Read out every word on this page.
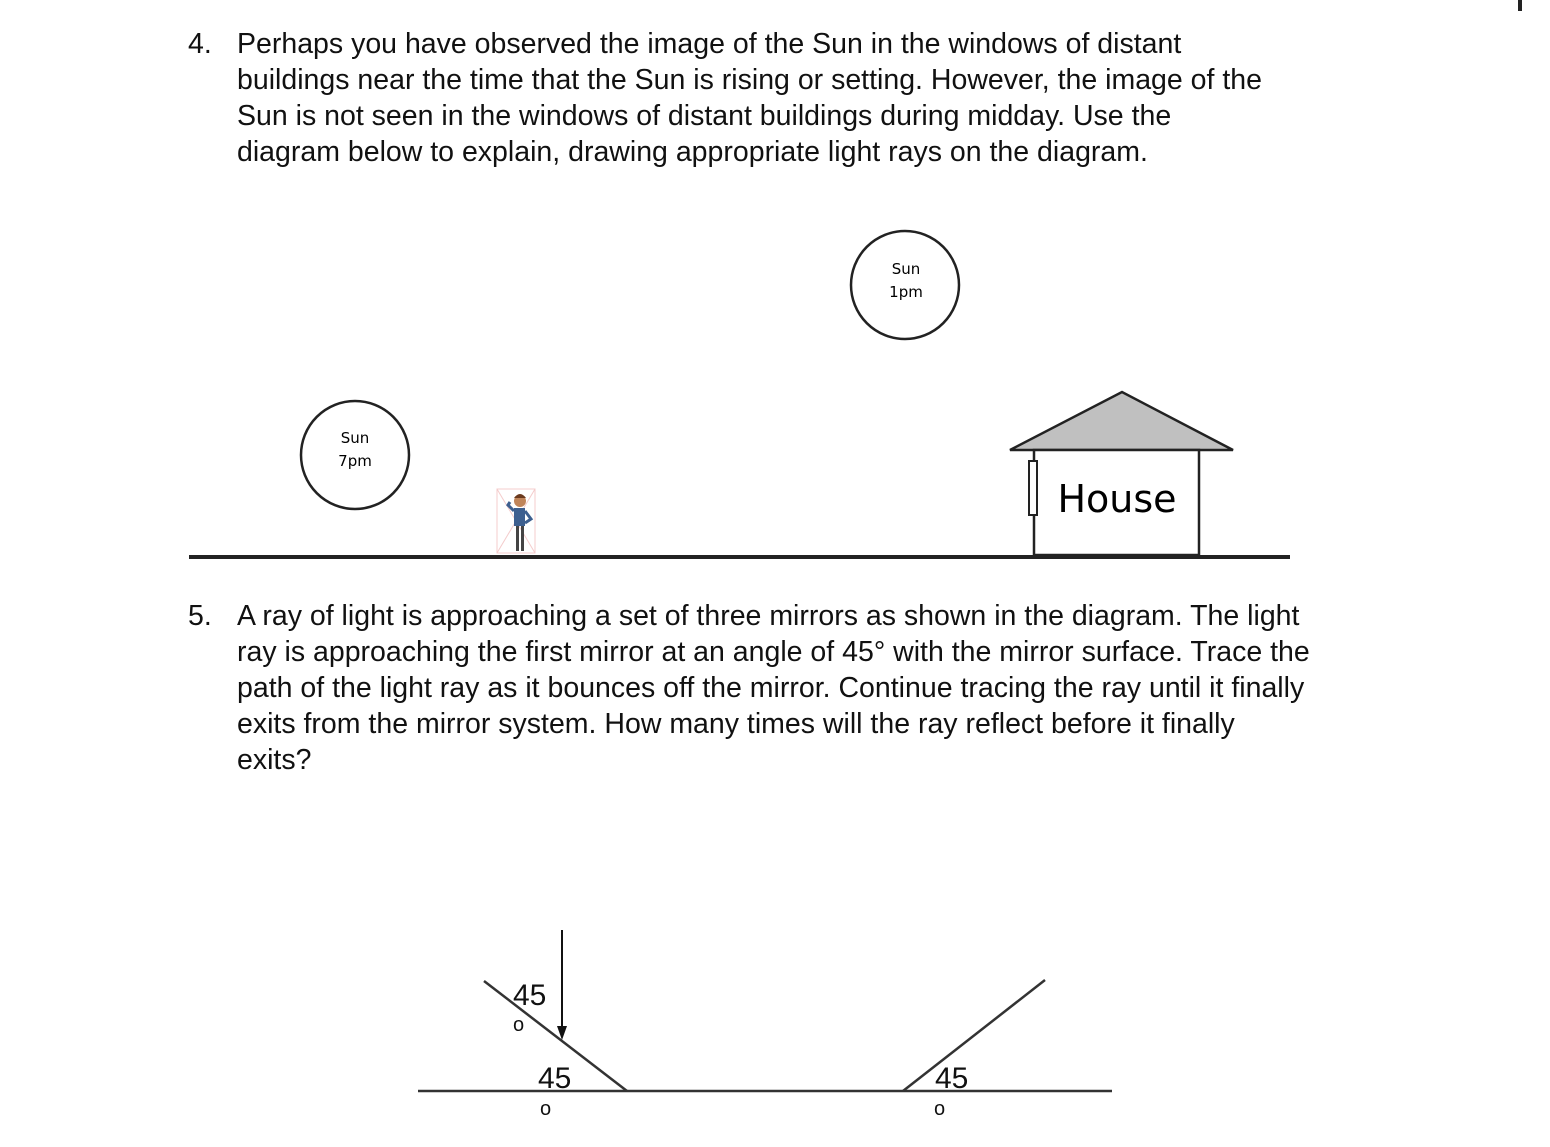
4. Perhaps you have observed the image of the Sun in the windows of distant buildings near the time that the Sun is rising or setting. However, the image of the Sun is not seen in the windows of distant buildings during midday. Use the diagram below to explain, drawing appropriate light rays on the diagram.
5. A ray of light is approaching a set of three mirrors as shown in the diagram. The light ray is approaching the first mirror at an angle of 45° with the mirror surface. Trace the path of the light ray as it bounces off the mirror. Continue tracing the ray until it finally exits from the mirror system. How many times will the ray reflect before it finally exits?
Sun
1pm
Sun
7pm
House
45
45	45
o
o	o
